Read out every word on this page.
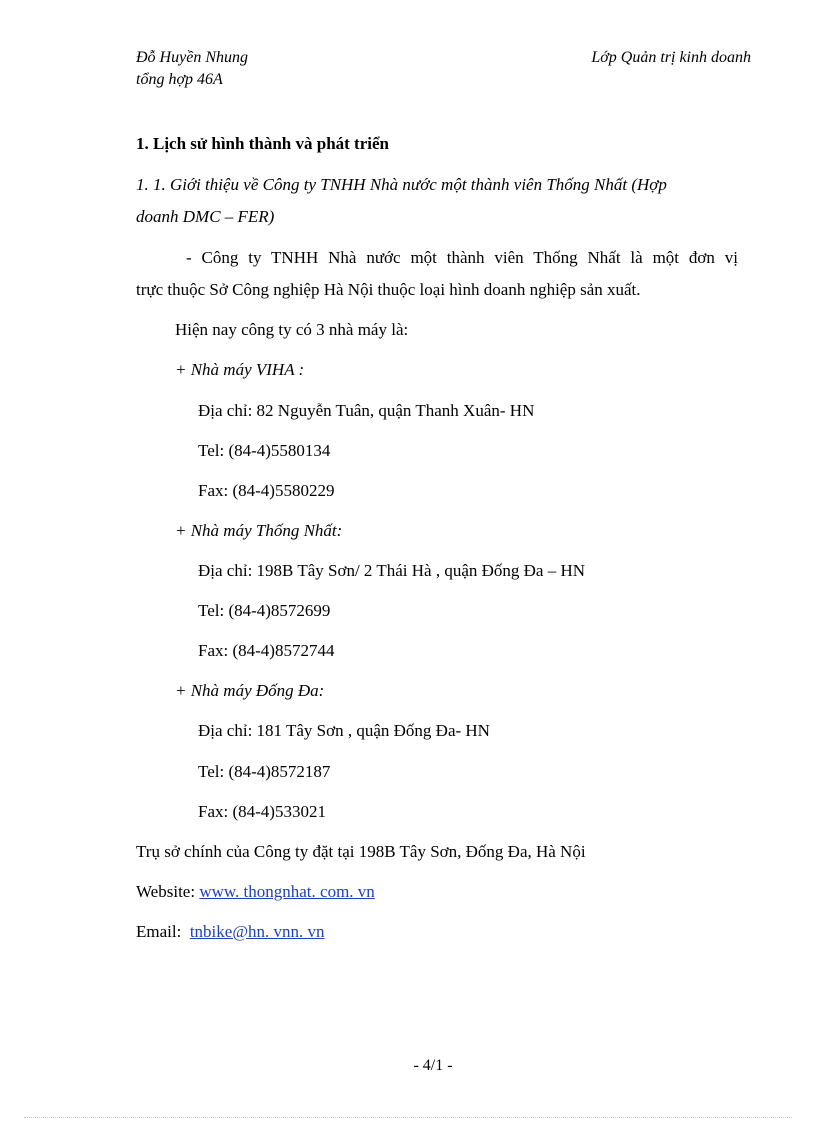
Đỗ Huyền Nhung
tổng hợp 46A
Lớp Quản trị kinh doanh
1. Lịch sử hình thành và phát triển
1. 1. Giới thiệu về Công ty TNHH Nhà nước một thành viên Thống Nhất (Hợp
doanh DMC – FER)
- Công ty TNHH Nhà nước một thành viên Thống Nhất là một đơn vị
trực thuộc Sở Công nghiệp Hà Nội thuộc loại hình doanh nghiệp sản xuất.
Hiện nay công ty có 3 nhà máy là:
+ Nhà máy VIHA :
Địa chỉ: 82 Nguyễn Tuân, quận Thanh Xuân- HN
Tel: (84-4)5580134
Fax: (84-4)5580229
+ Nhà máy Thống Nhất:
Địa chỉ: 198B Tây Sơn/ 2 Thái Hà , quận Đống Đa – HN
Tel: (84-4)8572699
Fax: (84-4)8572744
+ Nhà máy Đống Đa:
Địa chỉ: 181 Tây Sơn , quận Đống Đa- HN
Tel: (84-4)8572187
Fax: (84-4)533021
Trụ sở chính của Công ty đặt tại 198B Tây Sơn, Đống Đa, Hà Nội
Website: www. thongnhat. com. vn
Email: tnbike@hn. vnn. vn
- 4/1 -
